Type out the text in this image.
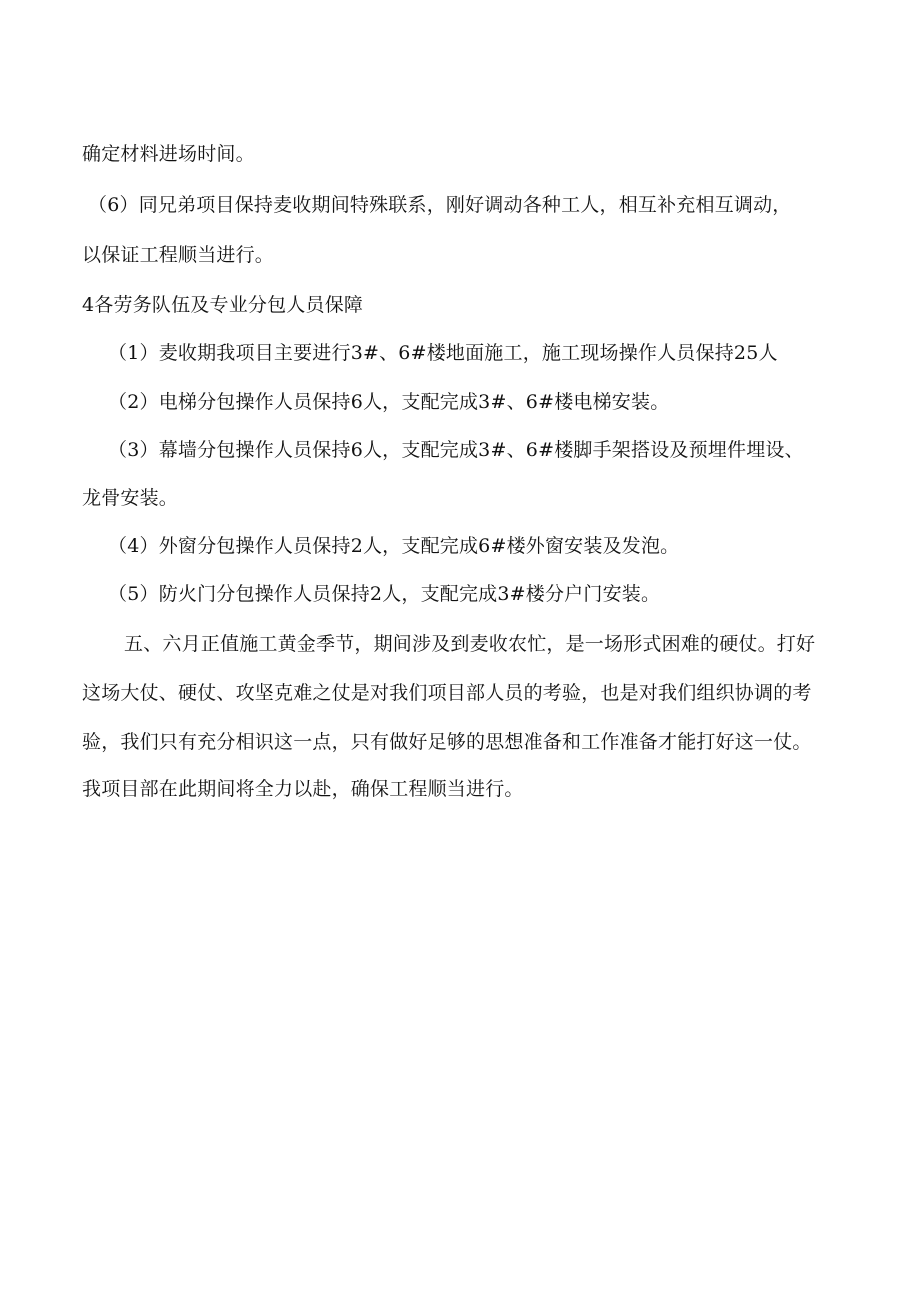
确定材料进场时间。
（6）同兄弟项目保持麦收期间特殊联系，刚好调动各种工人，相互补充相互调动，
以保证工程顺当进行。
4各劳务队伍及专业分包人员保障
（1）麦收期我项目主要进行3#、6#楼地面施工，施工现场操作人员保持25人
（2）电梯分包操作人员保持6人，支配完成3#、6#楼电梯安装。
（3）幕墙分包操作人员保持6人，支配完成3#、6#楼脚手架搭设及预埋件埋设、
龙骨安装。
（4）外窗分包操作人员保持2人，支配完成6#楼外窗安装及发泡。
（5）防火门分包操作人员保持2人，支配完成3#楼分户门安装。
五、六月正值施工黄金季节，期间涉及到麦收农忙，是一场形式困难的硬仗。打好
这场大仗、硬仗、攻坚克难之仗是对我们项目部人员的考验，也是对我们组织协调的考
验，我们只有充分相识这一点，只有做好足够的思想准备和工作准备才能打好这一仗。
我项目部在此期间将全力以赴，确保工程顺当进行。
